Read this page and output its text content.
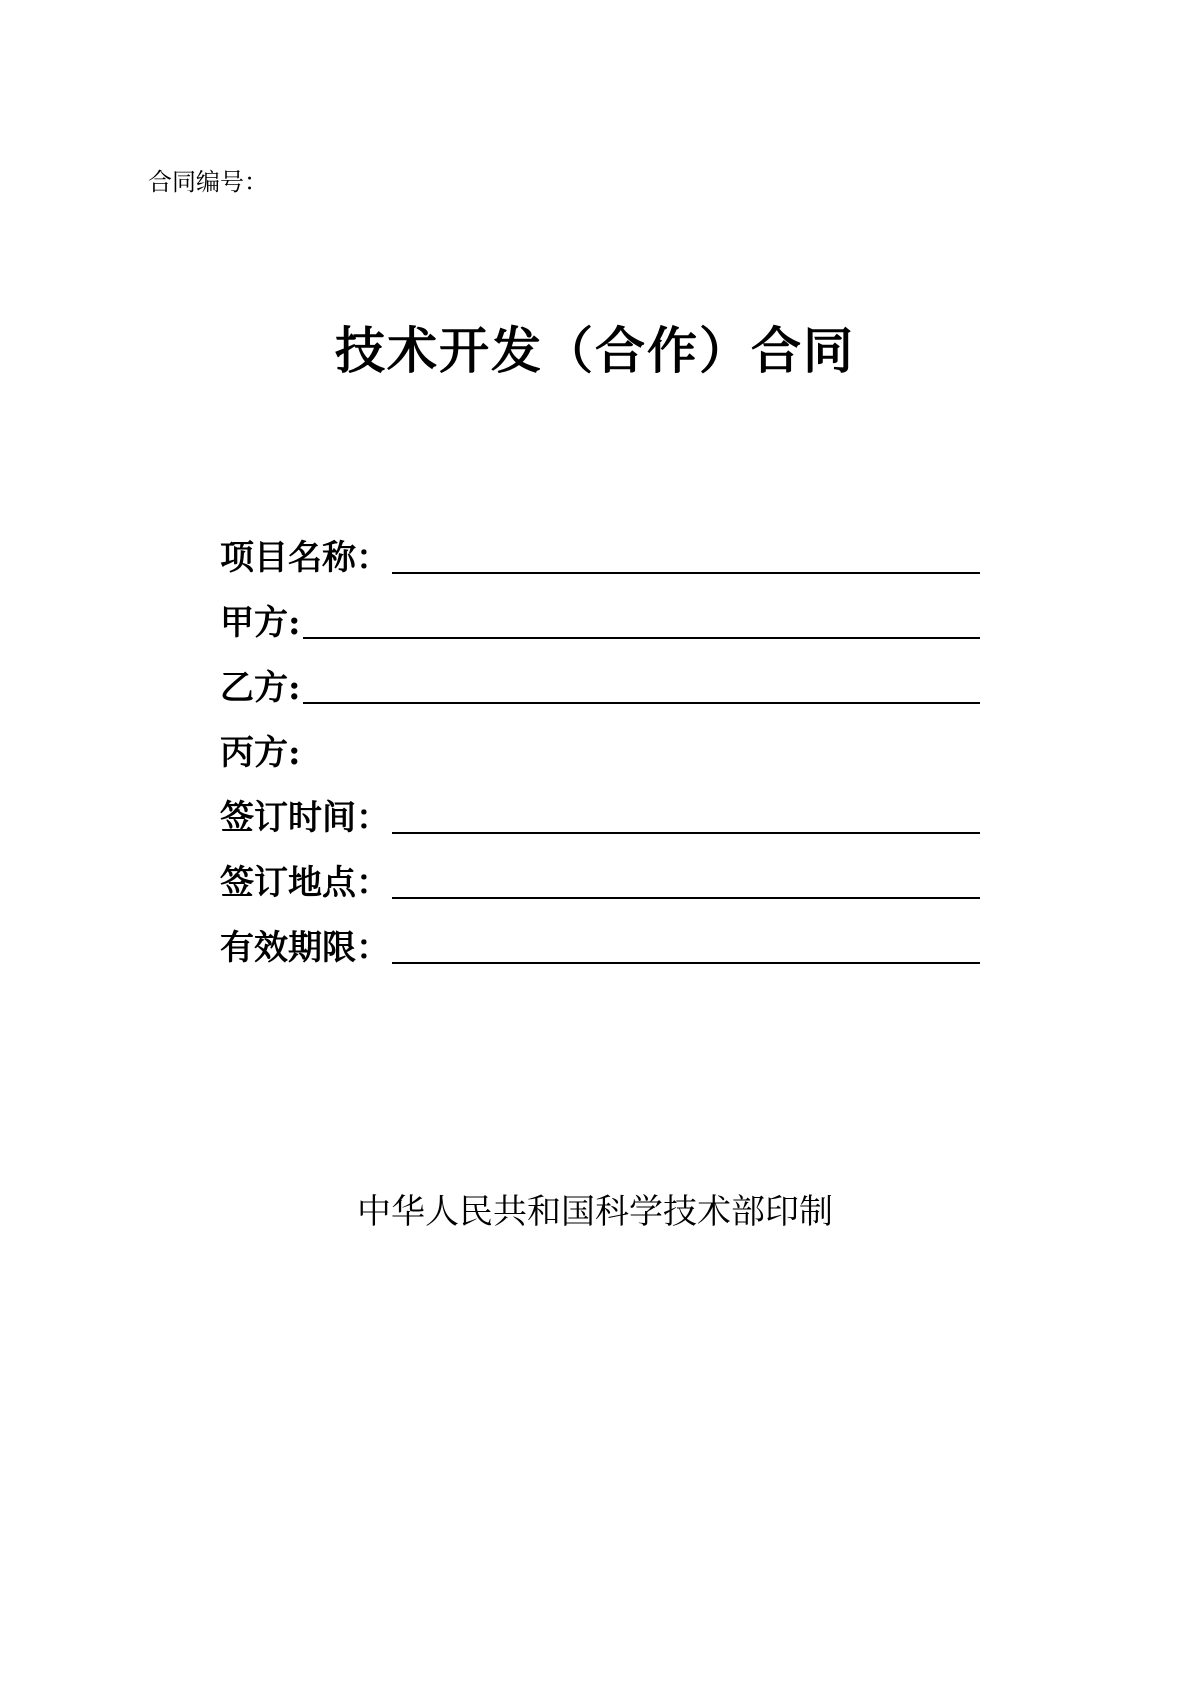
合同编号：
技术开发（合作）合同
项目名称：
甲方:
乙方:
丙方:
签订时间：
签订地点：
有效期限：
中华人民共和国科学技术部印制
